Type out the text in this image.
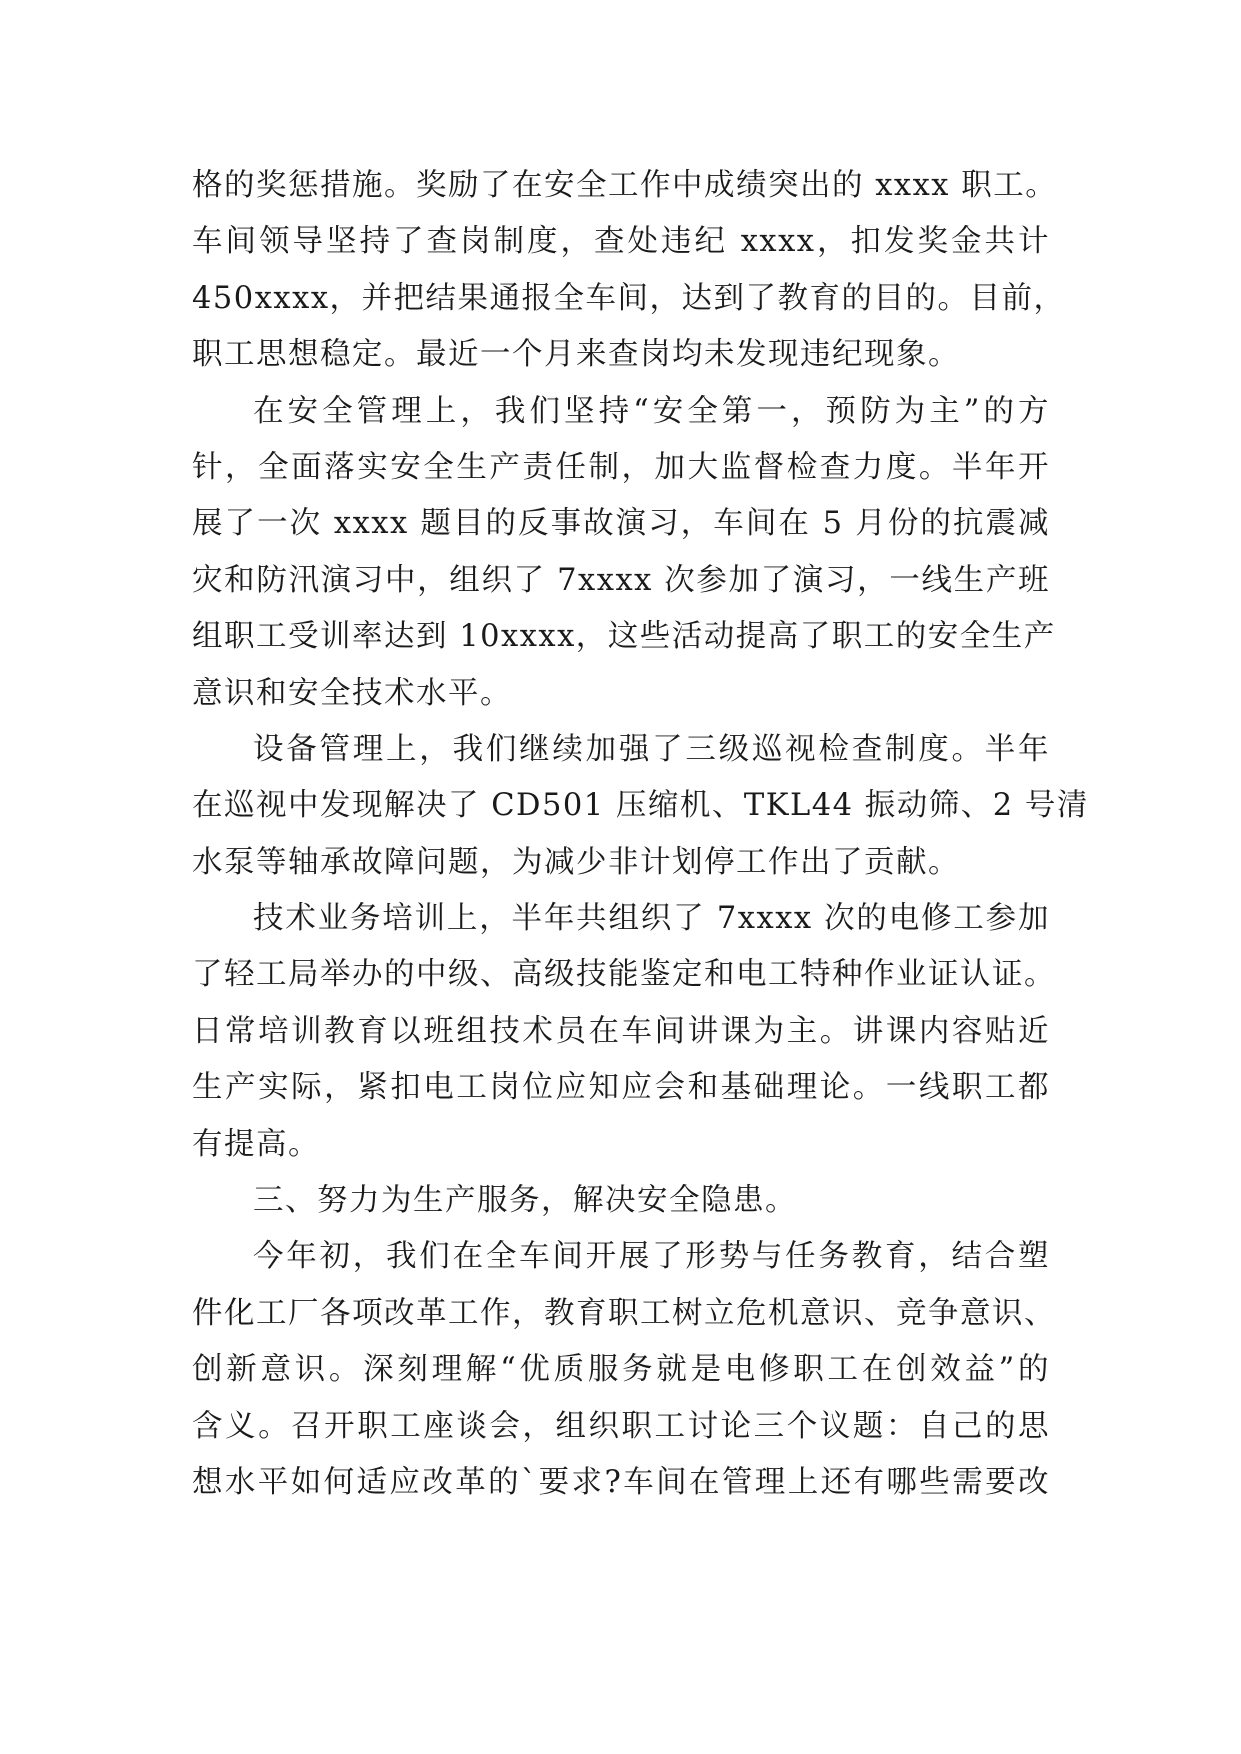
格的奖惩措施。奖励了在安全工作中成绩突出的 xxxx 职工。
车间领导坚持了查岗制度，查处违纪 xxxx，扣发奖金共计
450xxxx，并把结果通报全车间，达到了教育的目的。目前，
职工思想稳定。最近一个月来查岗均未发现违纪现象。

在安全管理上，我们坚持“安全第一，预防为主”的方
针，全面落实安全生产责任制，加大监督检查力度。半年开
展了一次 xxxx 题目的反事故演习，车间在 5 月份的抗震减
灾和防汛演习中，组织了 7xxxx 次参加了演习，一线生产班
组职工受训率达到 10xxxx，这些活动提高了职工的安全生产
意识和安全技术水平。

设备管理上，我们继续加强了三级巡视检查制度。半年
在巡视中发现解决了 CD501 压缩机、TKL44 振动筛、2 号清
水泵等轴承故障问题，为减少非计划停工作出了贡献。

技术业务培训上，半年共组织了 7xxxx 次的电修工参加
了轻工局举办的中级、高级技能鉴定和电工特种作业证认证。
日常培训教育以班组技术员在车间讲课为主。讲课内容贴近
生产实际，紧扣电工岗位应知应会和基础理论。一线职工都
有提高。

三、努力为生产服务，解决安全隐患。

今年初，我们在全车间开展了形势与任务教育，结合塑
件化工厂各项改革工作，教育职工树立危机意识、竞争意识、
创新意识。深刻理解“优质服务就是电修职工在创效益”的
含义。召开职工座谈会，组织职工讨论三个议题：自己的思
想水平如何适应改革的`要求?车间在管理上还有哪些需要改
